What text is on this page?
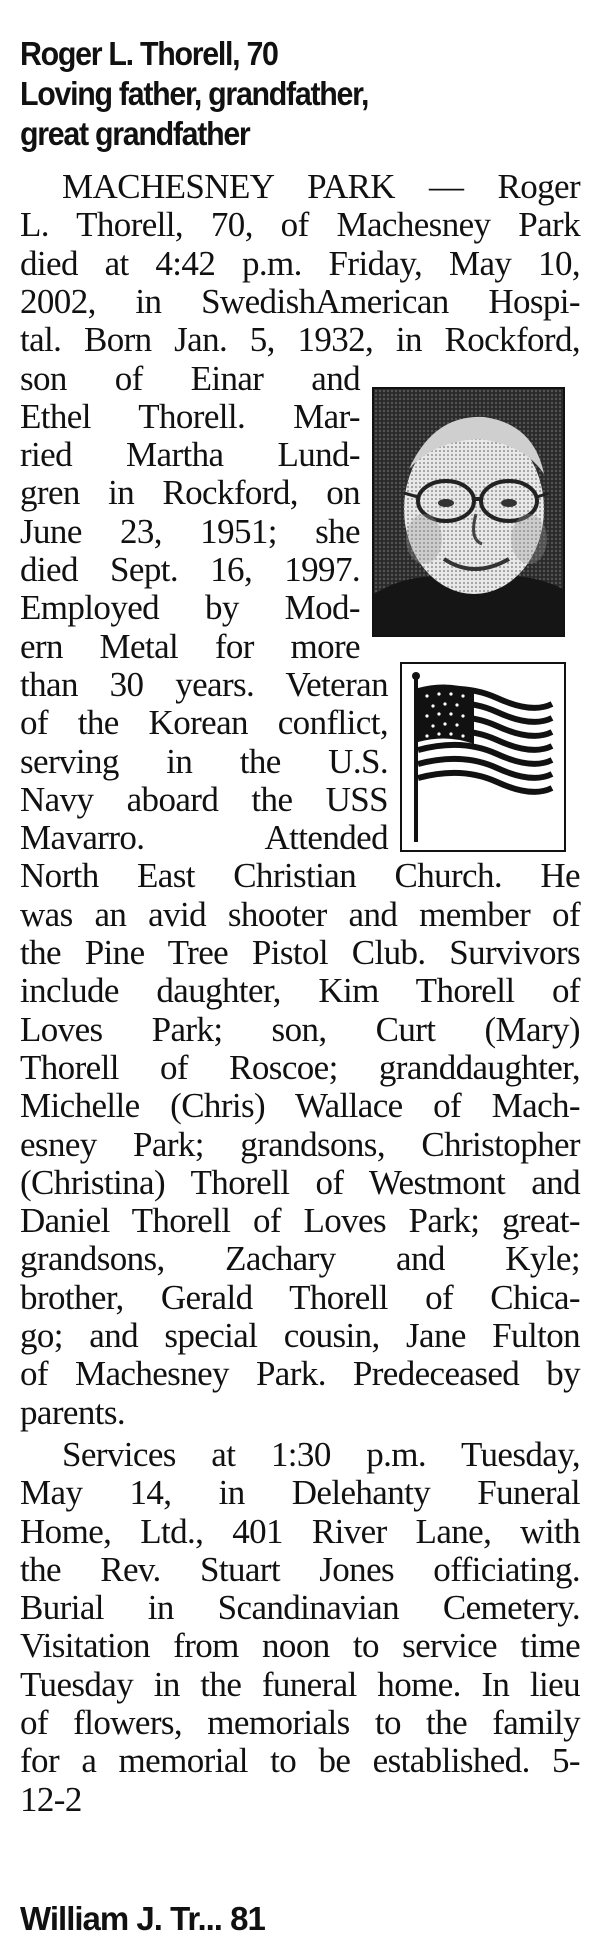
Roger L. Thorell, 70
Loving father, grandfather,
great grandfather
MACHESNEY PARK — Roger
L. Thorell, 70, of Machesney Park
died at 4:42 p.m. Friday, May 10,
2002, in SwedishAmerican Hospi-
tal. Born Jan. 5, 1932, in Rockford,
son of Einar and
Ethel Thorell. Mar-
ried Martha Lund-
gren in Rockford, on
June 23, 1951; she
died Sept. 16, 1997.
Employed by Mod-
ern Metal for more
than 30 years. Veteran
of the Korean conflict,
serving in the U.S.
Navy aboard the USS
Mavarro. Attended
North East Christian Church. He
was an avid shooter and member of
the Pine Tree Pistol Club. Survivors
include daughter, Kim Thorell of
Loves Park; son, Curt (Mary)
Thorell of Roscoe; granddaughter,
Michelle (Chris) Wallace of Mach-
esney Park; grandsons, Christopher
(Christina) Thorell of Westmont and
Daniel Thorell of Loves Park; great-
grandsons, Zachary and Kyle;
brother, Gerald Thorell of Chica-
go; and special cousin, Jane Fulton
of Machesney Park. Predeceased by
parents.
Services at 1:30 p.m. Tuesday,
May 14, in Delehanty Funeral
Home, Ltd., 401 River Lane, with
the Rev. Stuart Jones officiating.
Burial in Scandinavian Cemetery.
Visitation from noon to service time
Tuesday in the funeral home. In lieu
of flowers, memorials to the family
for a memorial to be established. 5-
12-2
William J. Tr... 81
